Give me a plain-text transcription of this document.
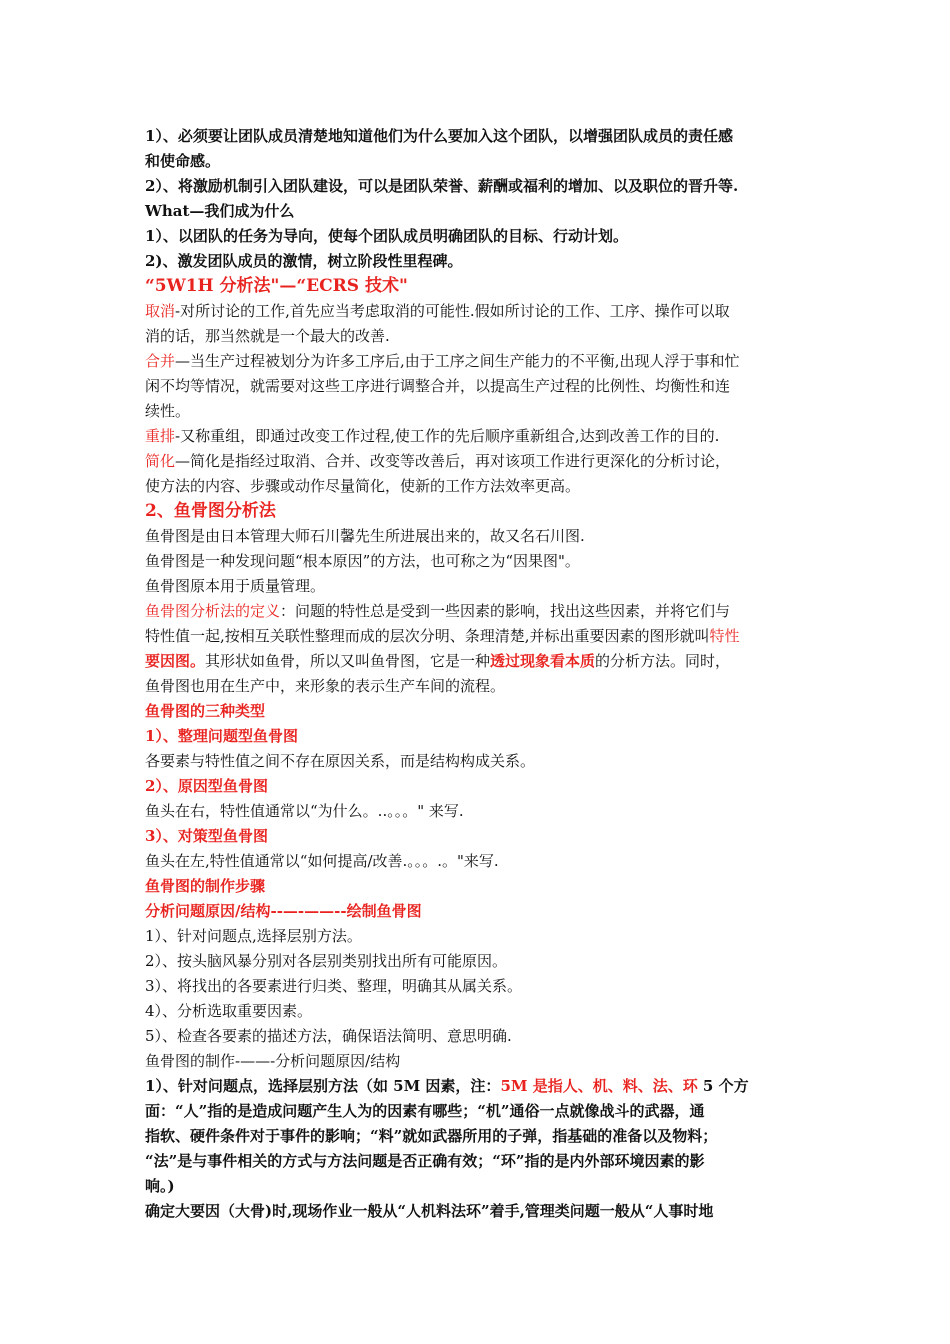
1）、必须要让团队成员清楚地知道他们为什么要加入这个团队，以增强团队成员的责任感
和使命感。
2）、将激励机制引入团队建设，可以是团队荣誉、薪酬或福利的增加、以及职位的晋升等.
What—我们成为什么
1）、以团队的任务为导向，使每个团队成员明确团队的目标、行动计划。
2)、激发团队成员的激情，树立阶段性里程碑。
“5W1H 分析法"—“ECRS 技术"
取消-对所讨论的工作,首先应当考虑取消的可能性.假如所讨论的工作、工序、操作可以取
消的话，那当然就是一个最大的改善.
合并—当生产过程被划分为许多工序后,由于工序之间生产能力的不平衡,出现人浮于事和忙
闲不均等情况，就需要对这些工序进行调整合并，以提高生产过程的比例性、均衡性和连
续性。
重排-又称重组，即通过改变工作过程,使工作的先后顺序重新组合,达到改善工作的目的.
简化—简化是指经过取消、合并、改变等改善后，再对该项工作进行更深化的分析讨论，
使方法的内容、步骤或动作尽量简化，使新的工作方法效率更高。
2、鱼骨图分析法
鱼骨图是由日本管理大师石川馨先生所进展出来的，故又名石川图.
鱼骨图是一种发现问题“根本原因”的方法，也可称之为“因果图"。
鱼骨图原本用于质量管理。
鱼骨图分析法的定义：问题的特性总是受到一些因素的影响，找出这些因素，并将它们与
特性值一起,按相互关联性整理而成的层次分明、条理清楚,并标出重要因素的图形就叫特性
要因图。其形状如鱼骨，所以又叫鱼骨图，它是一种透过现象看本质的分析方法。同时，
鱼骨图也用在生产中，来形象的表示生产车间的流程。
鱼骨图的三种类型
1）、整理问题型鱼骨图
各要素与特性值之间不存在原因关系，而是结构构成关系。
2）、原因型鱼骨图
鱼头在右，特性值通常以“为什么。..。。。" 来写.
3）、对策型鱼骨图
鱼头在左,特性值通常以“如何提高/改善.。。。.。"来写.
鱼骨图的制作步骤
分析问题原因/结构--—-——--绘制鱼骨图
1）、针对问题点,选择层别方法。
2）、按头脑风暴分别对各层别类别找出所有可能原因。
3）、将找出的各要素进行归类、整理，明确其从属关系。
4）、分析选取重要因素。
5）、检查各要素的描述方法，确保语法简明、意思明确.
鱼骨图的制作-——-分析问题原因/结构
1）、针对问题点，选择层别方法（如 5M 因素，注：5M 是指人、机、料、法、环 5 个方
面：“人”指的是造成问题产生人为的因素有哪些；“机”通俗一点就像战斗的武器，通
指软、硬件条件对于事件的影响；“料”就如武器所用的子弹，指基础的准备以及物料；
“法”是与事件相关的方式与方法问题是否正确有效；“环”指的是内外部环境因素的影
响。)
确定大要因（大骨)时,现场作业一般从“人机料法环”着手,管理类问题一般从“人事时地
